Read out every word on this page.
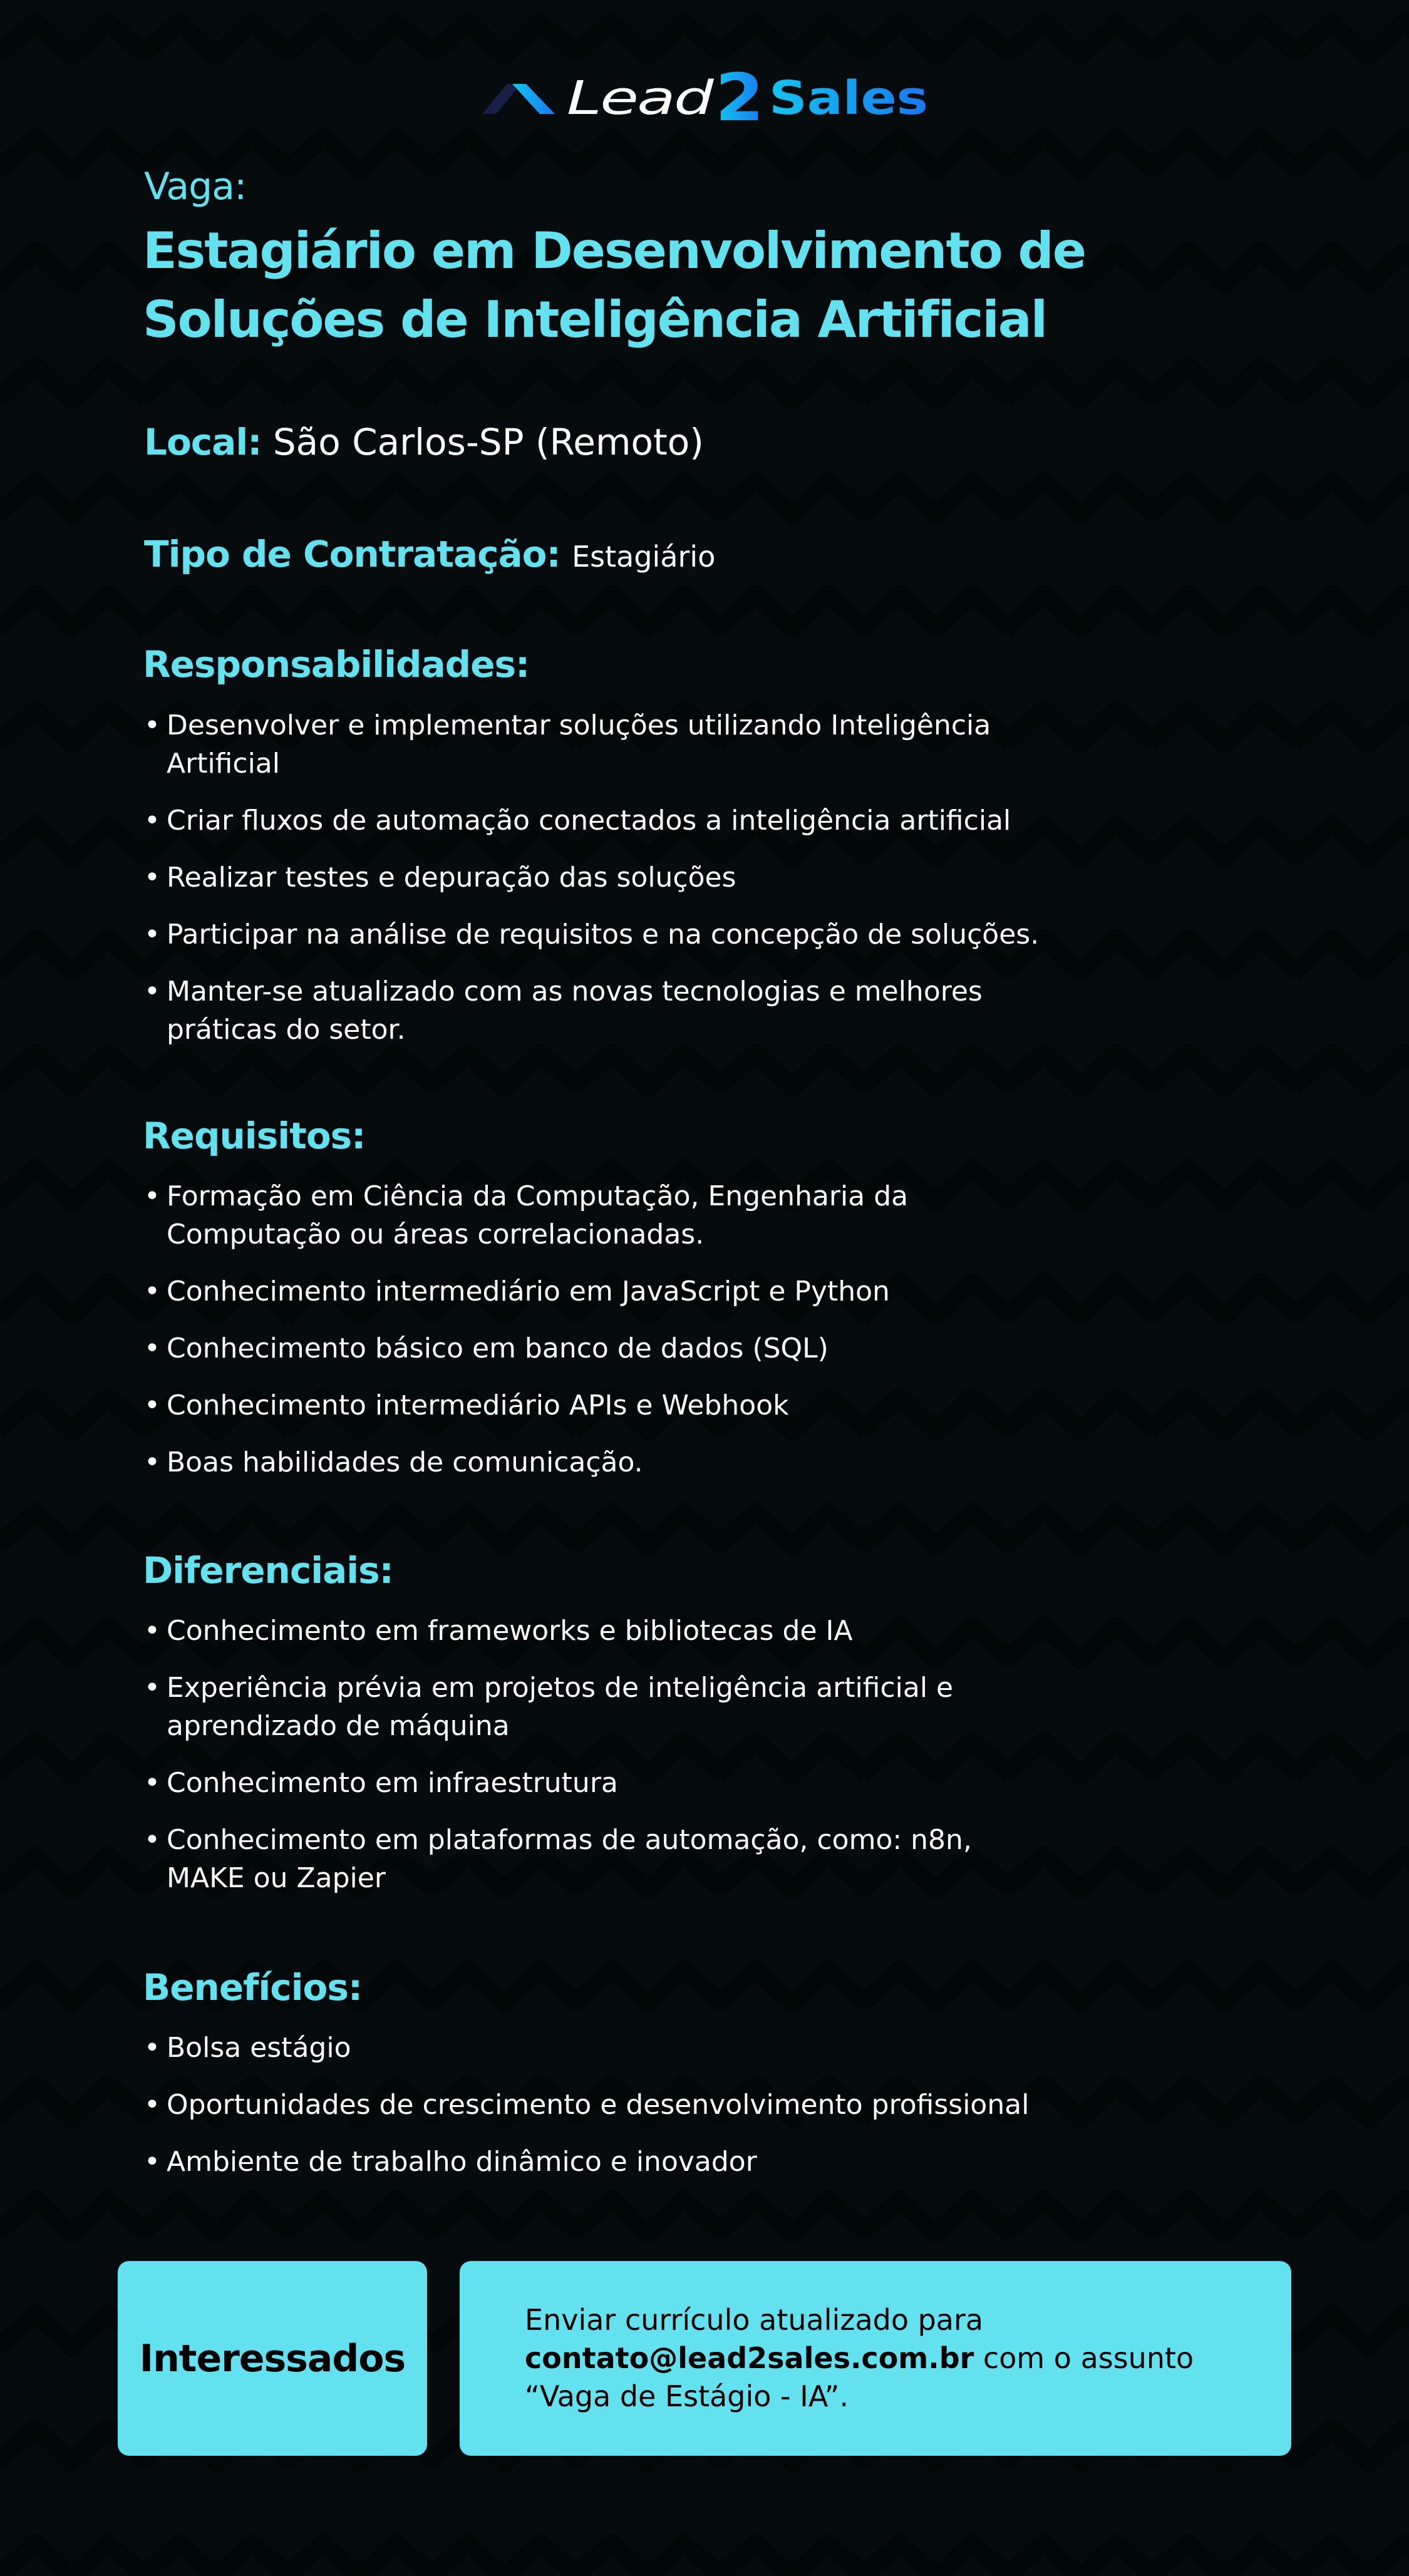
Lead 2 Sales
Vaga:
Estagiário em Desenvolvimento de
Soluções de Inteligência Artificial
Local: São Carlos-SP (Remoto)
Tipo de Contratação: Estagiário
Responsabilidades:
• Desenvolver e implementar soluções utilizando Inteligência
Artificial
• Criar fluxos de automação conectados a inteligência artificial
• Realizar testes e depuração das soluções
• Participar na análise de requisitos e na concepção de soluções.
• Manter-se atualizado com as novas tecnologias e melhores
práticas do setor.
Requisitos:
• Formação em Ciência da Computação, Engenharia da
Computação ou áreas correlacionadas.
• Conhecimento intermediário em JavaScript e Python
• Conhecimento básico em banco de dados (SQL)
• Conhecimento intermediário APIs e Webhook
• Boas habilidades de comunicação.
Diferenciais:
• Conhecimento em frameworks e bibliotecas de IA
• Experiência prévia em projetos de inteligência artificial e
aprendizado de máquina
• Conhecimento em infraestrutura
• Conhecimento em plataformas de automação, como: n8n,
MAKE ou Zapier
Benefícios:
• Bolsa estágio
• Oportunidades de crescimento e desenvolvimento profissional
• Ambiente de trabalho dinâmico e inovador
Interessados
Enviar currículo atualizado para
contato@lead2sales.com.br com o assunto
“Vaga de Estágio - IA”.
